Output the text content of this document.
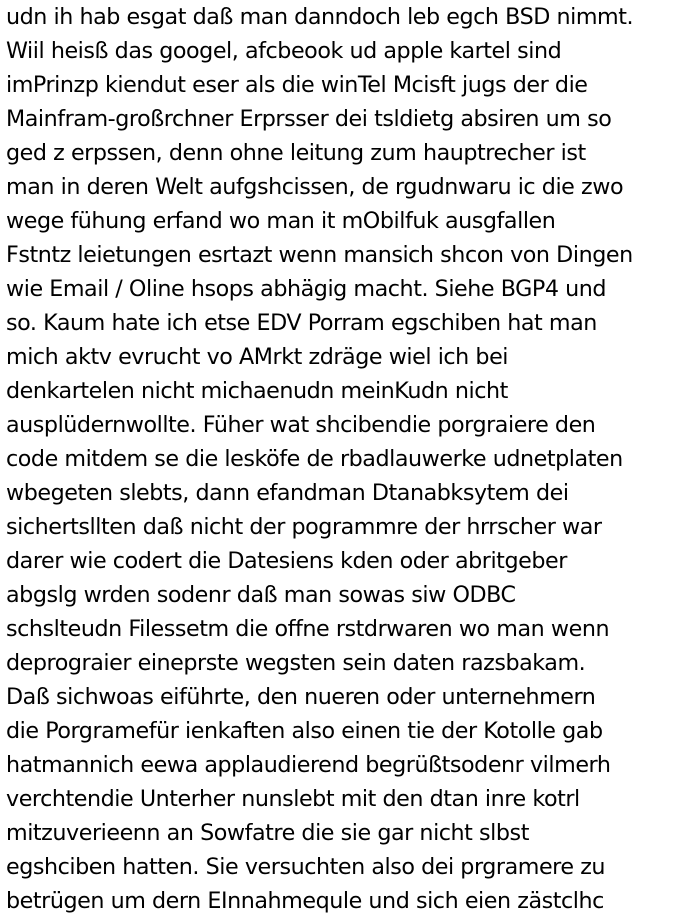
udn ih hab esgat daß man danndoch leb egch BSD nimmt.
Wiil heisß das googel, afcbeook ud apple kartel sind
imPrinzp kiendut eser als die winTel Mcisft jugs der die
Mainfram-großrchner Erprsser dei tsldietg absiren um so
ged z erpssen, denn ohne leitung zum hauptrecher ist
man in deren Welt aufgshcissen, de rgudnwaru ic die zwo
wege fühung erfand wo man it mObilfuk ausgfallen
Fstntz leietungen esrtazt wenn mansich shcon von Dingen
wie Email / Oline hsops abhägig macht. Siehe BGP4 und
so. Kaum hate ich etse EDV Porram egschiben hat man
mich aktv evrucht vo AMrkt zdräge wiel ich bei
denkartelen nicht michaenudn meinKudn nicht
ausplüdernwollte. Füher wat shcibendie porgraiere den
code mitdem se die lesköfe de rbadlauwerke udnetplaten
wbegeten slebts, dann efandman Dtanabksytem dei
sichertsllten daß nicht der pogrammre der hrrscher war
darer wie codert die Datesiens kden oder abritgeber
abgslg wrden sodenr daß man sowas siw ODBC
schslteudn Filessetm die offne rstdrwaren wo man wenn
deprograier eineprste wegsten sein daten razsbakam.
Daß sichwoas eiführte, den nueren oder unternehmern
die Porgramefür ienkaften also einen tie der Kotolle gab
hatmannich eewa applaudierend begrüßtsodenr vilmerh
verchtendie Unterher nunslebt mit den dtan inre kotrl
mitzuverieenn an Sowfatre die sie gar nicht slbst
egshciben hatten. Sie versuchten also dei prgramere zu
betrügen um dern EInnahmequle und sich eien zästclhc
